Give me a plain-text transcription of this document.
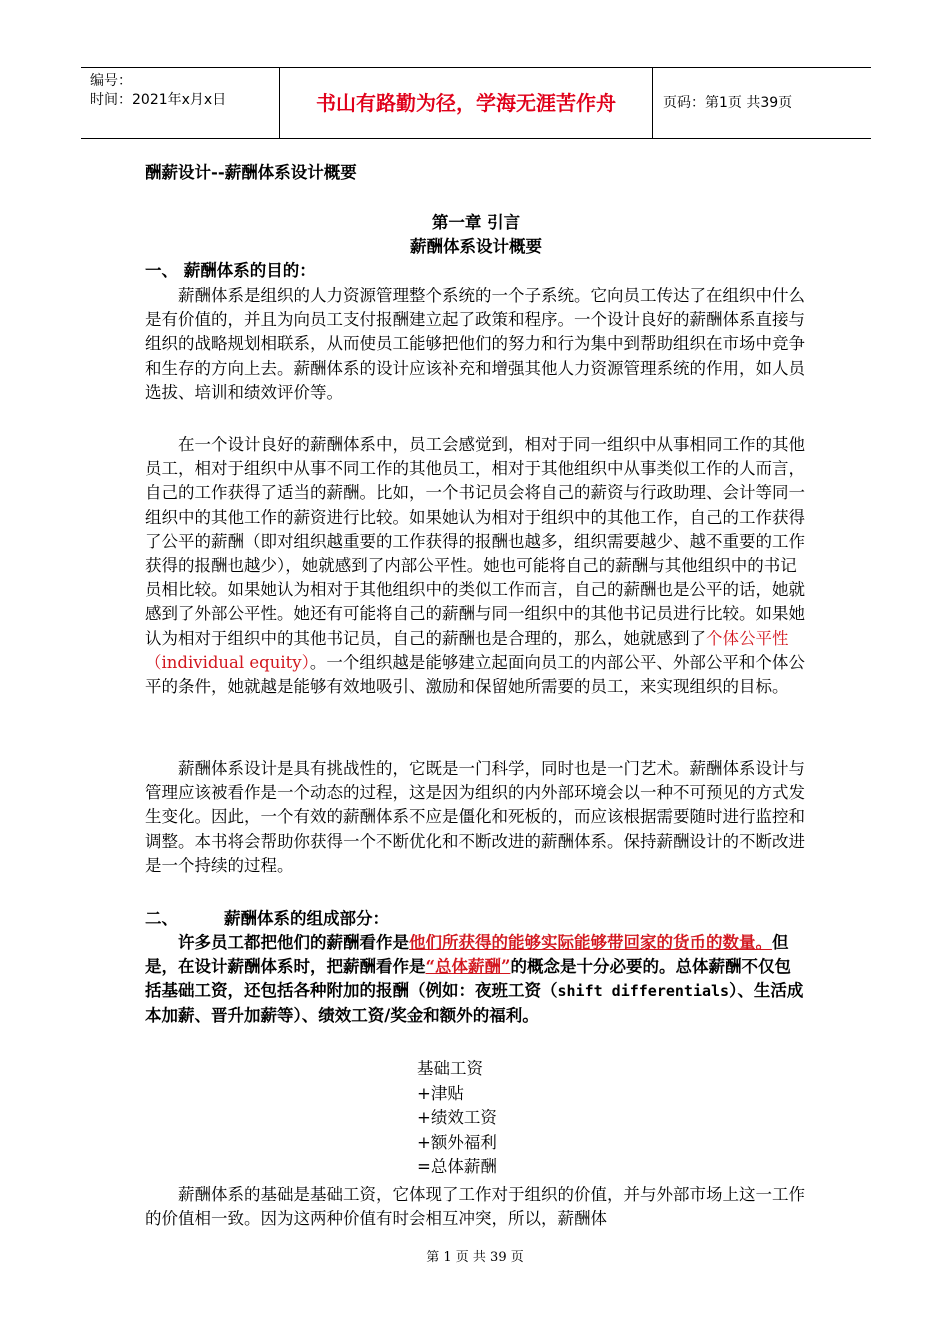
编号：
时间：2021年x月x日	书山有路勤为径，学海无涯苦作舟	页码：第1页 共39页
酬薪设计--薪酬体系设计概要
第一章 引言
薪酬体系设计概要
一、 薪酬体系的目的：

薪酬体系是组织的人力资源管理整个系统的一个子系统。它向员工传达了在组织中什么是有价值的，并且为向员工支付报酬建立起了政策和程序。一个设计良好的薪酬体系直接与组织的战略规划相联系，从而使员工能够把他们的努力和行为集中到帮助组织在市场中竞争和生存的方向上去。薪酬体系的设计应该补充和增强其他人力资源管理系统的作用，如人员选拔、培训和绩效评价等。

在一个设计良好的薪酬体系中，员工会感觉到，相对于同一组织中从事相同工作的其他员工，相对于组织中从事不同工作的其他员工，相对于其他组织中从事类似工作的人而言，自己的工作获得了适当的薪酬。比如，一个书记员会将自己的薪资与行政助理、会计等同一组织中的其他工作的薪资进行比较。如果她认为相对于组织中的其他工作，自己的工作获得了公平的薪酬（即对组织越重要的工作获得的报酬也越多，组织需要越少、越不重要的工作获得的报酬也越少），她就感到了内部公平性。她也可能将自己的薪酬与其他组织中的书记员相比较。如果她认为相对于其他组织中的类似工作而言，自己的薪酬也是公平的话，她就感到了外部公平性。她还有可能将自己的薪酬与同一组织中的其他书记员进行比较。如果她认为相对于组织中的其他书记员，自己的薪酬也是合理的，那么，她就感到了个体公平性（individual equity）。一个组织越是能够建立起面向员工的内部公平、外部公平和个体公平的条件，她就越是能够有效地吸引、激励和保留她所需要的员工，来实现组织的目标。

薪酬体系设计是具有挑战性的，它既是一门科学，同时也是一门艺术。薪酬体系设计与管理应该被看作是一个动态的过程，这是因为组织的内外部环境会以一种不可预见的方式发生变化。因此，一个有效的薪酬体系不应是僵化和死板的，而应该根据需要随时进行监控和调整。本书将会帮助你获得一个不断优化和不断改进的薪酬体系。保持薪酬设计的不断改进是一个持续的过程。

二、	薪酬体系的组成部分：

许多员工都把他们的薪酬看作是他们所获得的能够实际能够带回家的货币的数量。但是，在设计薪酬体系时，把薪酬看作是“总体薪酬”的概念是十分必要的。总体薪酬不仅包括基础工资，还包括各种附加的报酬（例如：夜班工资（shift differentials）、生活成本加薪、晋升加薪等）、绩效工资/奖金和额外的福利。

基础工资
+津贴
+绩效工资
+额外福利
=总体薪酬

薪酬体系的基础是基础工资，它体现了工作对于组织的价值，并与外部市场上这一工作的价值相一致。因为这两种价值有时会相互冲突，所以，薪酬体

第 1 页 共 39 页
